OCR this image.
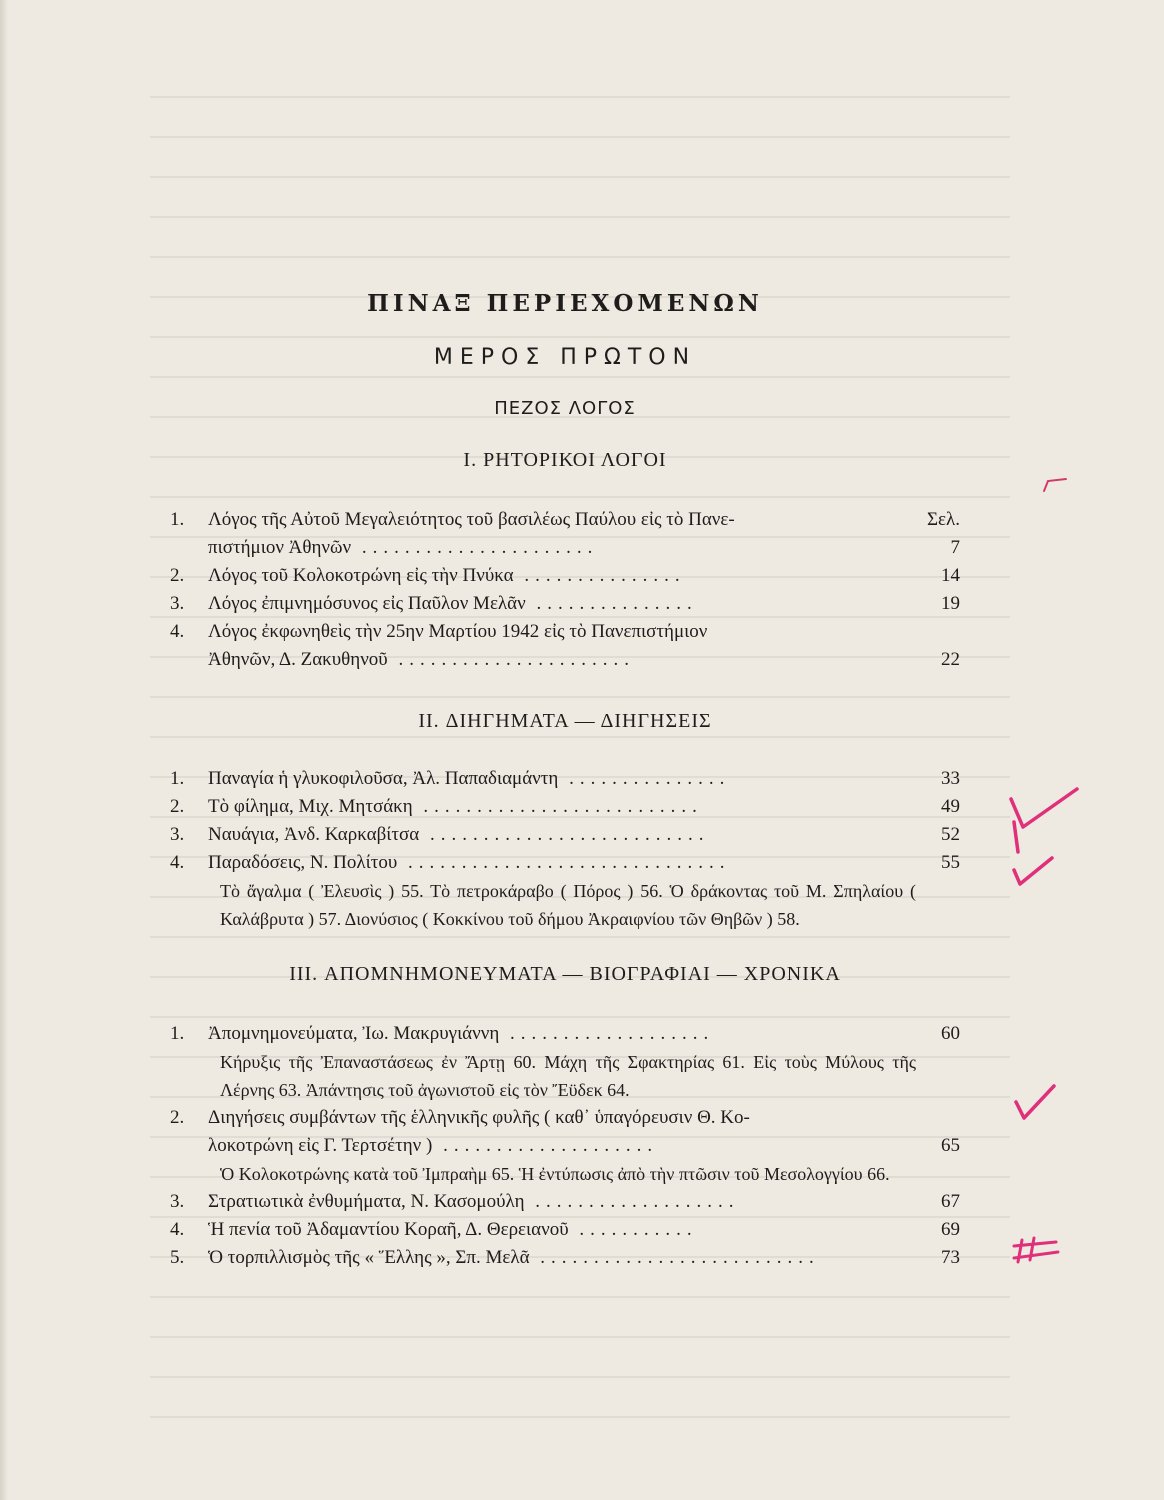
ΠΙΝΑΞ ΠΕΡΙΕΧΟΜΕΝΩΝ
ΜΕΡΟΣ ΠΡΩΤΟΝ
ΠΕΖΟΣ ΛΟΓΟΣ
I. ΡΗΤΟΡΙΚΟΙ ΛΟΓΟΙ
1.	Λόγος τῆς Αὐτοῦ Μεγαλειότητος τοῦ βασιλέως Παύλου εἰς τὸ Πανε-	Σελ.
πιστήμιον Ἀθηνῶν ......................	7
2.	Λόγος τοῦ Κολοκοτρώνη εἰς τὴν Πνύκα ...............	14
3.	Λόγος ἐπιμνημόσυνος εἰς Παῦλον Μελᾶν ...............	19
4.	Λόγος ἐκφωνηθεὶς τὴν 25ην Μαρτίου 1942 εἰς τὸ Πανεπιστήμιον
Ἀθηνῶν, Δ. Ζακυθηνοῦ ......................	22
II. ΔΙΗΓΗΜΑΤΑ — ΔΙΗΓΗΣΕΙΣ
1.	Παναγία ἡ γλυκοφιλοῦσα, Ἀλ. Παπαδιαμάντη ...............	33
2.	Τὸ φίλημα, Μιχ. Μητσάκη ..........................	49
3.	Ναυάγια, Ἀνδ. Καρκαβίτσα ..........................	52
4.	Παραδόσεις, Ν. Πολίτου ..............................	55
Τὸ ἄγαλμα ( Ἐλευσὶς ) 55. Τὸ πετροκάραβο ( Πόρος ) 56. Ὁ δράκοντας τοῦ Μ. Σπηλαίου ( Καλάβρυτα ) 57. Διονύσιος ( Κοκκίνου τοῦ δήμου Ἀκραιφνίου τῶν Θηβῶν ) 58.
III. ΑΠΟΜΝΗΜΟΝΕΥΜΑΤΑ — ΒΙΟΓΡΑΦΙΑΙ — ΧΡΟΝΙΚΑ
1.	Ἀπομνημονεύματα, Ἰω. Μακρυγιάννη ...................	60
Κήρυξις τῆς Ἐπαναστάσεως ἐν Ἄρτῃ 60. Μάχη τῆς Σφακτηρίας 61. Εἰς τοὺς Μύλους τῆς Λέρνης 63. Ἀπάντησις τοῦ ἀγωνιστοῦ εἰς τὸν Ἔϋδεκ 64.
2.	Διηγήσεις συμβάντων τῆς ἑλληνικῆς φυλῆς ( καθ᾽ ὑπαγόρευσιν Θ. Κο-
λοκοτρώνη εἰς Γ. Τερτσέτην ) ....................	65
Ὁ Κολοκοτρώνης κατὰ τοῦ Ἰμπραὴμ 65. Ἡ ἐντύπωσις ἀπὸ τὴν πτῶσιν τοῦ Μεσολογγίου 66.
3.	Στρατιωτικὰ ἐνθυμήματα, Ν. Κασομούλη ...................	67
4.	Ἡ πενία τοῦ Ἀδαμαντίου Κοραῆ, Δ. Θερειανοῦ ...........	69
5.	Ὁ τορπιλλισμὸς τῆς « Ἕλλης », Σπ. Μελᾶ ..........................	73
